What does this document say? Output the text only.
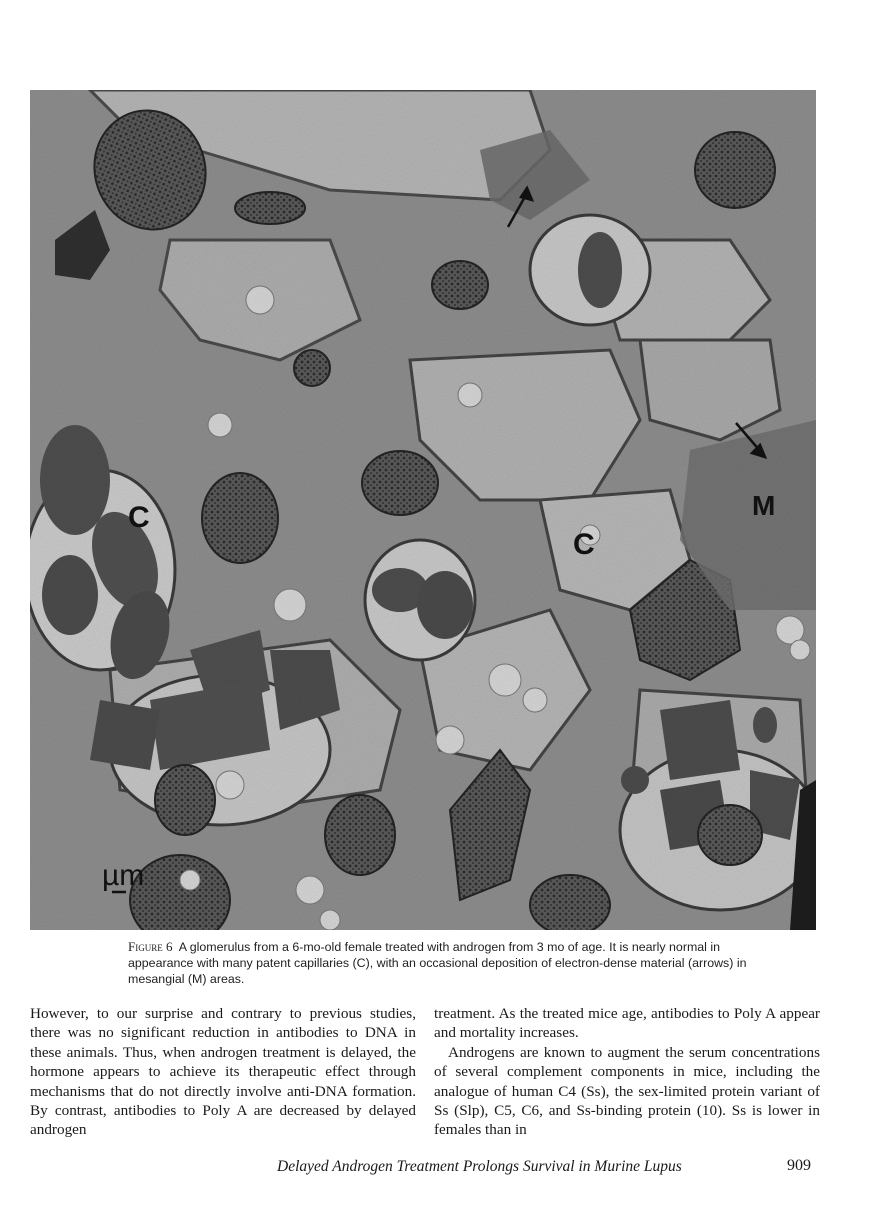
C
C
M
µm
Figure 6 A glomerulus from a 6-mo-old female treated with androgen from 3 mo of age. It is nearly normal in appearance with many patent capillaries (C), with an occasional deposition of electron-dense material (arrows) in mesangial (M) areas.

However, to our surprise and contrary to previous studies, there was no significant reduction in antibodies to DNA in these animals. Thus, when androgen treatment is delayed, the hormone appears to achieve its therapeutic effect through mechanisms that do not directly involve anti-DNA formation. By contrast, antibodies to Poly A are decreased by delayed androgen

treatment. As the treated mice age, antibodies to Poly A appear and mortality increases.

Androgens are known to augment the serum concentrations of several complement components in mice, including the analogue of human C4 (Ss), the sex-limited protein variant of Ss (Slp), C5, C6, and Ss-binding protein (10). Ss is lower in females than in

Delayed Androgen Treatment Prolongs Survival in Murine Lupus	909
